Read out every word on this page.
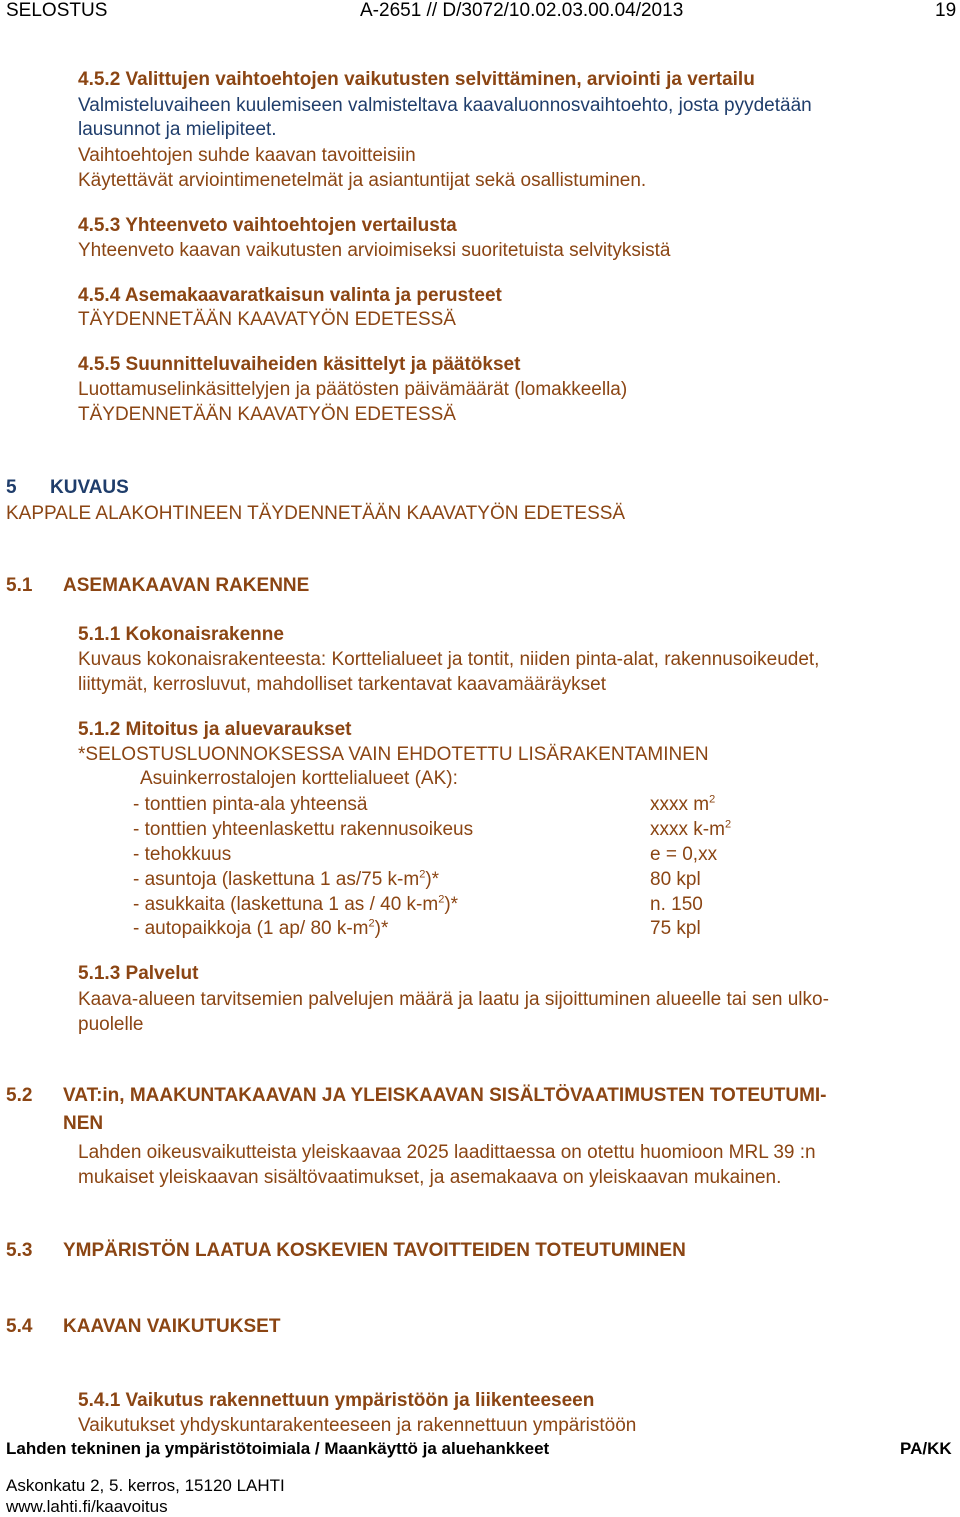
SELOSTUS	A-2651 // D/3072/10.02.03.00.04/2013	19
4.5.2 Valittujen vaihtoehtojen vaikutusten selvittäminen, arviointi ja vertailu
Valmisteluvaiheen kuulemiseen valmisteltava kaavaluonnosvaihtoehto, josta pyydetään
lausunnot ja mielipiteet.
Vaihtoehtojen suhde kaavan tavoitteisiin
Käytettävät arviointimenetelmät ja asiantuntijat sekä osallistuminen.
4.5.3 Yhteenveto vaihtoehtojen vertailusta
Yhteenveto kaavan vaikutusten arvioimiseksi suoritetuista selvityksistä
4.5.4 Asemakaavaratkaisun valinta ja perusteet
TÄYDENNETÄÄN KAAVATYÖN EDETESSÄ
4.5.5 Suunnitteluvaiheiden käsittelyt ja päätökset
Luottamuselinkäsittelyjen ja päätösten päivämäärät (lomakkeella)
TÄYDENNETÄÄN KAAVATYÖN EDETESSÄ
5 KUVAUS
KAPPALE ALAKOHTINEEN TÄYDENNETÄÄN KAAVATYÖN EDETESSÄ
5.1 ASEMAKAAVAN RAKENNE
5.1.1 Kokonaisrakenne
Kuvaus kokonaisrakenteesta: Korttelialueet ja tontit, niiden pinta-alat, rakennusoikeudet,
liittymät, kerrosluvut, mahdolliset tarkentavat kaavamääräykset
5.1.2 Mitoitus ja aluevaraukset
*SELOSTUSLUONNOKSESSA VAIN EHDOTETTU LISÄRAKENTAMINEN
Asuinkerrostalojen korttelialueet (AK):
- tonttien pinta-ala yhteensä	xxxx $m^2$
- tonttien yhteenlaskettu rakennusoikeus	xxxx $k-m^2$
- tehokkuus	e = 0,xx
- asuntoja (laskettuna 1 as/75 $k-m^2)*$	80 kpl
- asukkaita (laskettuna 1 as / 40 $k-m^2)*$	n. 150
- autopaikkoja (1 ap/ 80 $k-m^2)*$	75 kpl
5.1.3 Palvelut
Kaava-alueen tarvitsemien palvelujen määrä ja laatu ja sijoittuminen alueelle tai sen ulko-
puolelle
5.2 VAT:in, MAAKUNTAKAAVAN JA YLEISKAAVAN SISÄLTÖVAATIMUSTEN TOTEUTUMI-
NEN
Lahden oikeusvaikutteista yleiskaavaa 2025 laadittaessa on otettu huomioon MRL 39 :n
mukaiset yleiskaavan sisältövaatimukset, ja asemakaava on yleiskaavan mukainen.
5.3 YMPÄRISTÖN LAATUA KOSKEVIEN TAVOITTEIDEN TOTEUTUMINEN
5.4 KAAVAN VAIKUTUKSET
5.4.1 Vaikutus rakennettuun ympäristöön ja liikenteeseen
Vaikutukset yhdyskuntarakenteeseen ja rakennettuun ympäristöön
Lahden tekninen ja ympäristötoimiala / Maankäyttö ja aluehankkeet	PA/KK
Askonkatu 2, 5. kerros, 15120 LAHTI
www.lahti.fi/kaavoitus
